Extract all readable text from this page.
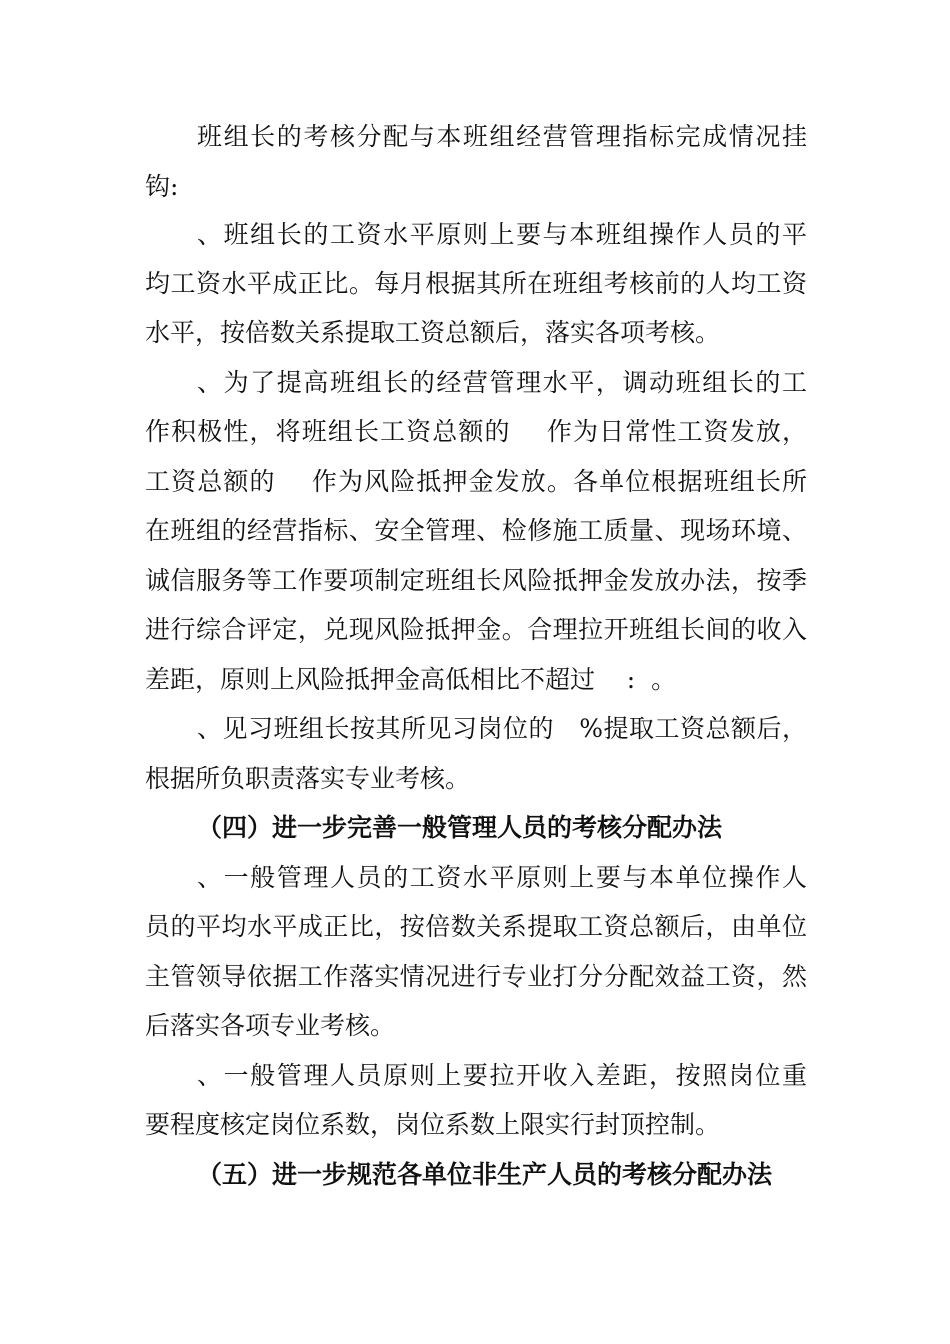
班组长的考核分配与本班组经营管理指标完成情况挂
钩:
、班组长的工资水平原则上要与本班组操作人员的平
均工资水平成正比。每月根据其所在班组考核前的人均工资
水平，按倍数关系提取工资总额后，落实各项考核。
、为了提高班组长的经营管理水平，调动班组长的工
作积极性，将班组长工资总额的    作为日常性工资发放，
工资总额的    作为风险抵押金发放。各单位根据班组长所
在班组的经营指标、安全管理、检修施工质量、现场环境、
诚信服务等工作要项制定班组长风险抵押金发放办法，按季
进行综合评定，兑现风险抵押金。合理拉开班组长间的收入
差距，原则上风险抵押金高低相比不超过    :  。
、见习班组长按其所见习岗位的   %提取工资总额后，
根据所负职责落实专业考核。
（四）进一步完善一般管理人员的考核分配办法
、一般管理人员的工资水平原则上要与本单位操作人
员的平均水平成正比，按倍数关系提取工资总额后，由单位
主管领导依据工作落实情况进行专业打分分配效益工资，然
后落实各项专业考核。
、一般管理人员原则上要拉开收入差距，按照岗位重
要程度核定岗位系数，岗位系数上限实行封顶控制。
（五）进一步规范各单位非生产人员的考核分配办法
